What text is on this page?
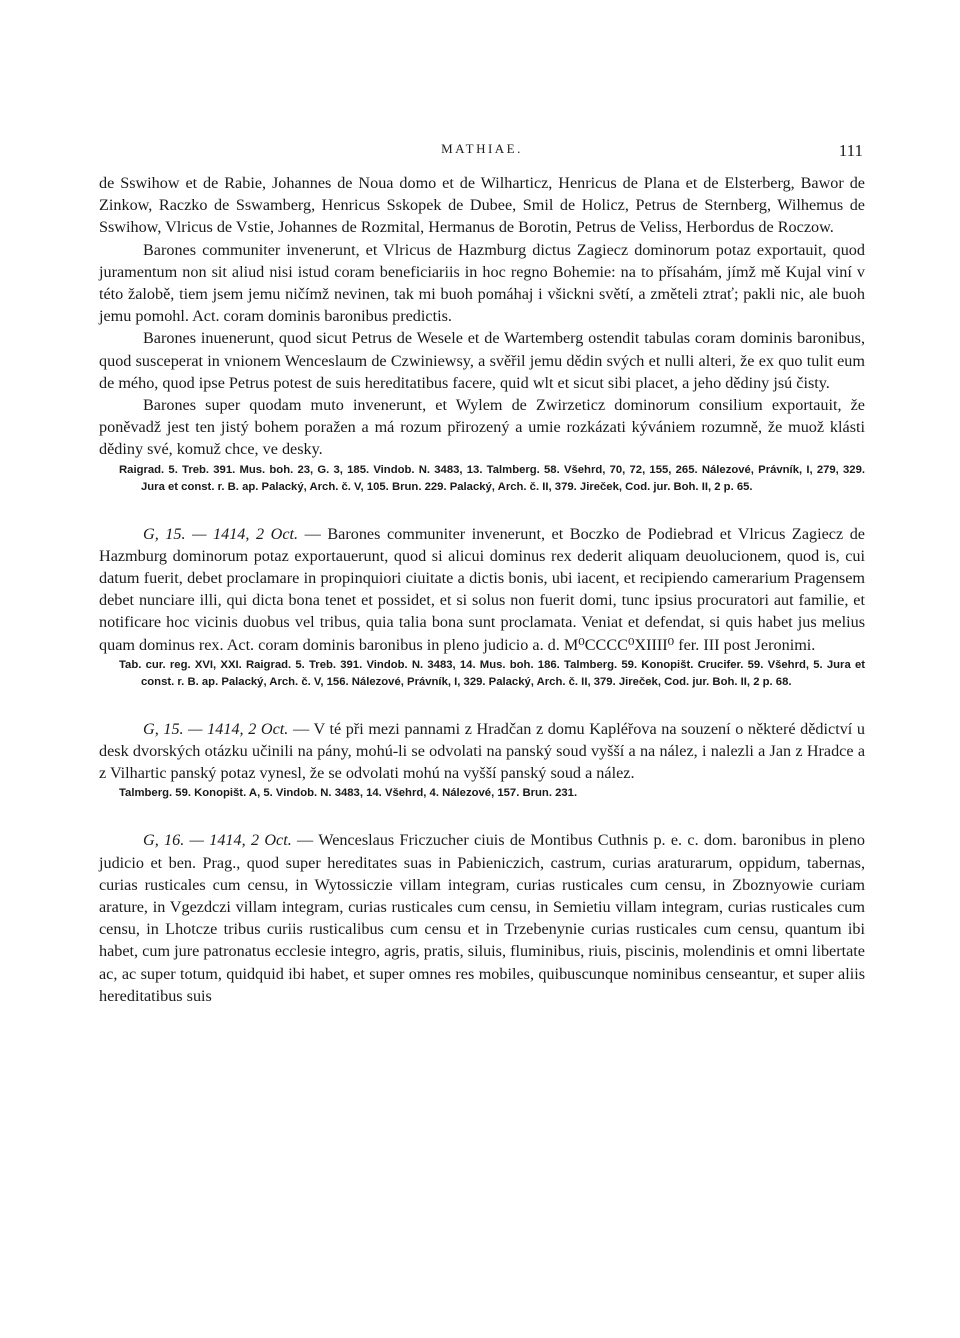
MATHIAE.	111

de Sswihow et de Rabie, Johannes de Noua domo et de Wilharticz, Henricus de Plana et de Elsterberg, Bawor de Zinkow, Raczko de Sswamberg, Henricus Sskopek de Dubee, Smil de Holicz, Petrus de Sternberg, Wilhemus de Sswihow, Vlricus de Vstie, Johannes de Rozmital, Hermanus de Borotin, Petrus de Veliss, Herbordus de Roczow.

Barones communiter invenerunt, et Vlricus de Hazmburg dictus Zagiecz dominorum potaz exportauit, quod juramentum non sit aliud nisi istud coram beneficiariis in hoc regno Bohemie: na to přísahám, jímž mě Kujal viní v této žalobě, tiem jsem jemu ničímž nevinen, tak mi buoh pomáhaj i všickni světí, a změteli ztrať; pakli nic, ale buoh jemu pomohl. Act. coram dominis baronibus predictis.

Barones inuenerunt, quod sicut Petrus de Wesele et de Wartemberg ostendit tabulas coram dominis baronibus, quod susceperat in vnionem Wenceslaum de Czwiniewsy, a svěřil jemu dědin svých et nulli alteri, že ex quo tulit eum de mého, quod ipse Petrus potest de suis hereditatibus facere, quid wlt et sicut sibi placet, a jeho dědiny jsú čisty.

Barones super quodam muto invenerunt, et Wylem de Zwirzeticz dominorum consilium exportauit, že poněvadž jest ten jistý bohem poražen a má rozum přirozený a umie rozkázati kývániem rozumně, že muož klásti dědiny své, komuž chce, ve desky.

Raigrad. 5. Treb. 391. Mus. boh. 23, G. 3, 185. Vindob. N. 3483, 13. Talmberg. 58. Všehrd, 70, 72, 155, 265. Nálezové, Právník, I, 279, 329. Jura et const. r. B. ap. Palacký, Arch. č. V, 105. Brun. 229. Palacký, Arch. č. II, 379. Jireček, Cod. jur. Boh. II, 2 p. 65.

G, 15. — 1414, 2 Oct. — Barones communiter invenerunt, et Boczko de Podiebrad et Vlricus Zagiecz de Hazmburg dominorum potaz exportauerunt, quod si alicui dominus rex dederit aliquam deuolucionem, quod is, cui datum fuerit, debet proclamare in propinquiori ciuitate a dictis bonis, ubi iacent, et recipiendo camerarium Pragensem debet nunciare illi, qui dicta bona tenet et possidet, et si solus non fuerit domi, tunc ipsius procuratori aut familie, et notificare hoc vicinis duobus vel tribus, quia talia bona sunt proclamata. Veniat et defendat, si quis habet jus melius quam dominus rex. Act. coram dominis baronibus in pleno judicio a. d. M⁰CCCC⁰XIIII⁰ fer. III post Jeronimi.

Tab. cur. reg. XVI, XXI. Raigrad. 5. Treb. 391. Vindob. N. 3483, 14. Mus. boh. 186. Talmberg. 59. Konopišt. Crucifer. 59. Všehrd, 5. Jura et const. r. B. ap. Palacký, Arch. č. V, 156. Nálezové, Právník, I, 329. Palacký, Arch. č. II, 379. Jireček, Cod. jur. Boh. II, 2 p. 68.

G, 15. — 1414, 2 Oct. — V té při mezi pannami z Hradčan z domu Kapléřova na souzení o některé dědictví u desk dvorských otázku učinili na pány, mohú-li se odvolati na panský soud vyšší a na nález, i nalezli a Jan z Hradce a z Vilhartic panský potaz vynesl, že se odvolati mohú na vyšší panský soud a nález.

Talmberg. 59. Konopišt. A, 5. Vindob. N. 3483, 14. Všehrd, 4. Nálezové, 157. Brun. 231.

G, 16. — 1414, 2 Oct. — Wenceslaus Friczucher ciuis de Montibus Cuthnis p. e. c. dom. baronibus in pleno judicio et ben. Prag., quod super hereditates suas in Pabieniczich, castrum, curias araturarum, oppidum, tabernas, curias rusticales cum censu, in Wytossiczie villam integram, curias rusticales cum censu, in Zboznyowie curiam arature, in Vgezdczi villam integram, curias rusticales cum censu, in Semietiu villam integram, curias rusticales cum censu, in Lhotcze tribus curiis rusticalibus cum censu et in Trzebenynie curias rusticales cum censu, quantum ibi habet, cum jure patronatus ecclesie integro, agris, pratis, siluis, fluminibus, riuis, piscinis, molendinis et omni libertate ac, ac super totum, quidquid ibi habet, et super omnes res mobiles, quibuscunque nominibus censeantur, et super aliis hereditatibus suis
